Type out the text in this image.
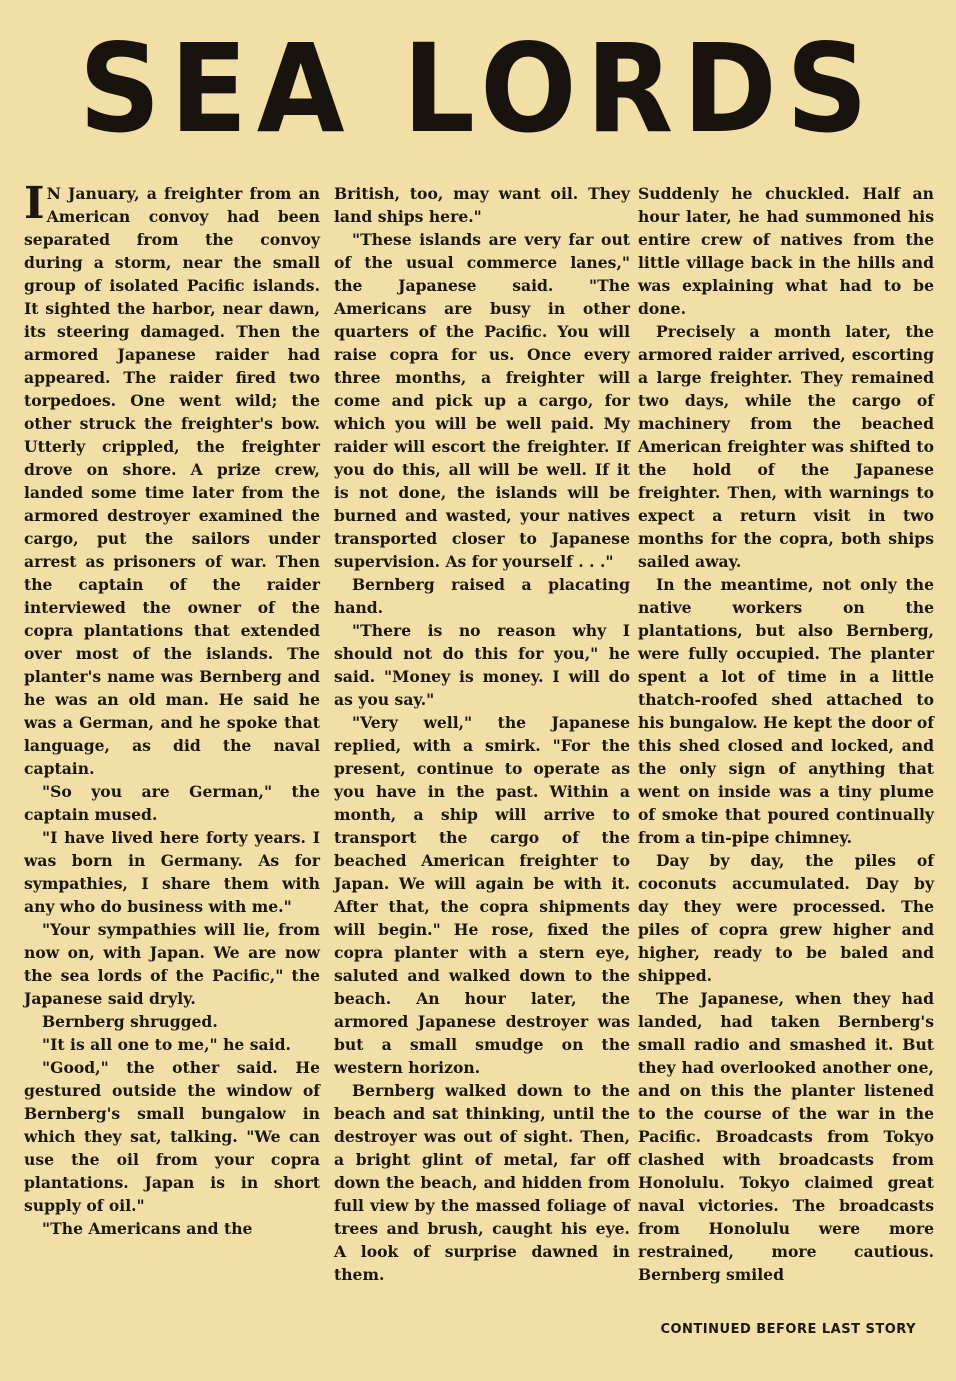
SEA LORDS

I N January, a freighter from an American convoy had been separated from the convoy during a storm, near the small group of isolated Pacific islands. It sighted the harbor, near dawn, its steering damaged. Then the armored Japanese raider had appeared. The raider fired two torpedoes. One went wild; the other struck the freighter's bow. Utterly crippled, the freighter drove on shore. A prize crew, landed some time later from the armored destroyer examined the cargo, put the sailors under arrest as prisoners of war. Then the captain of the raider interviewed the owner of the copra plantations that extended over most of the islands. The planter's name was Bernberg and he was an old man. He said he was a German, and he spoke that language, as did the naval captain.

"So you are German," the captain mused.

"I have lived here forty years. I was born in Germany. As for sympathies, I share them with any who do business with me."

"Your sympathies will lie, from now on, with Japan. We are now the sea lords of the Pacific," the Japanese said dryly.

Bernberg shrugged.

"It is all one to me," he said.

"Good," the other said. He gestured outside the window of Bernberg's small bungalow in which they sat, talking. "We can use the oil from your copra plantations. Japan is in short supply of oil."

"The Americans and the

British, too, may want oil. They land ships here."

"These islands are very far out of the usual commerce lanes," the Japanese said. "The Americans are busy in other quarters of the Pacific. You will raise copra for us. Once every three months, a freighter will come and pick up a cargo, for which you will be well paid. My raider will escort the freighter. If you do this, all will be well. If it is not done, the islands will be burned and wasted, your natives transported closer to Japanese supervision. As for yourself . . ."

Bernberg raised a placating hand.

"There is no reason why I should not do this for you," he said. "Money is money. I will do as you say."

"Very well," the Japanese replied, with a smirk. "For the present, continue to operate as you have in the past. Within a month, a ship will arrive to transport the cargo of the beached American freighter to Japan. We will again be with it. After that, the copra shipments will begin." He rose, fixed the copra planter with a stern eye, saluted and walked down to the beach. An hour later, the armored Japanese destroyer was but a small smudge on the western horizon.

Bernberg walked down to the beach and sat thinking, until the destroyer was out of sight. Then, a bright glint of metal, far off down the beach, and hidden from full view by the massed foliage of trees and brush, caught his eye. A look of surprise dawned in them.

Suddenly he chuckled. Half an hour later, he had summoned his entire crew of natives from the little village back in the hills and was explaining what had to be done.

Precisely a month later, the armored raider arrived, escorting a large freighter. They remained two days, while the cargo of machinery from the beached American freighter was shifted to the hold of the Japanese freighter. Then, with warnings to expect a return visit in two months for the copra, both ships sailed away.

In the meantime, not only the native workers on the plantations, but also Bernberg, were fully occupied. The planter spent a lot of time in a little thatch-roofed shed attached to his bungalow. He kept the door of this shed closed and locked, and the only sign of anything that went on inside was a tiny plume of smoke that poured continually from a tin-pipe chimney.

Day by day, the piles of coconuts accumulated. Day by day they were processed. The piles of copra grew higher and higher, ready to be baled and shipped.

The Japanese, when they had landed, had taken Bernberg's small radio and smashed it. But they had overlooked another one, and on this the planter listened to the course of the war in the Pacific. Broadcasts from Tokyo clashed with broadcasts from Honolulu. Tokyo claimed great naval victories. The broadcasts from Honolulu were more restrained, more cautious. Bernberg smiled

CONTINUED BEFORE LAST STORY
